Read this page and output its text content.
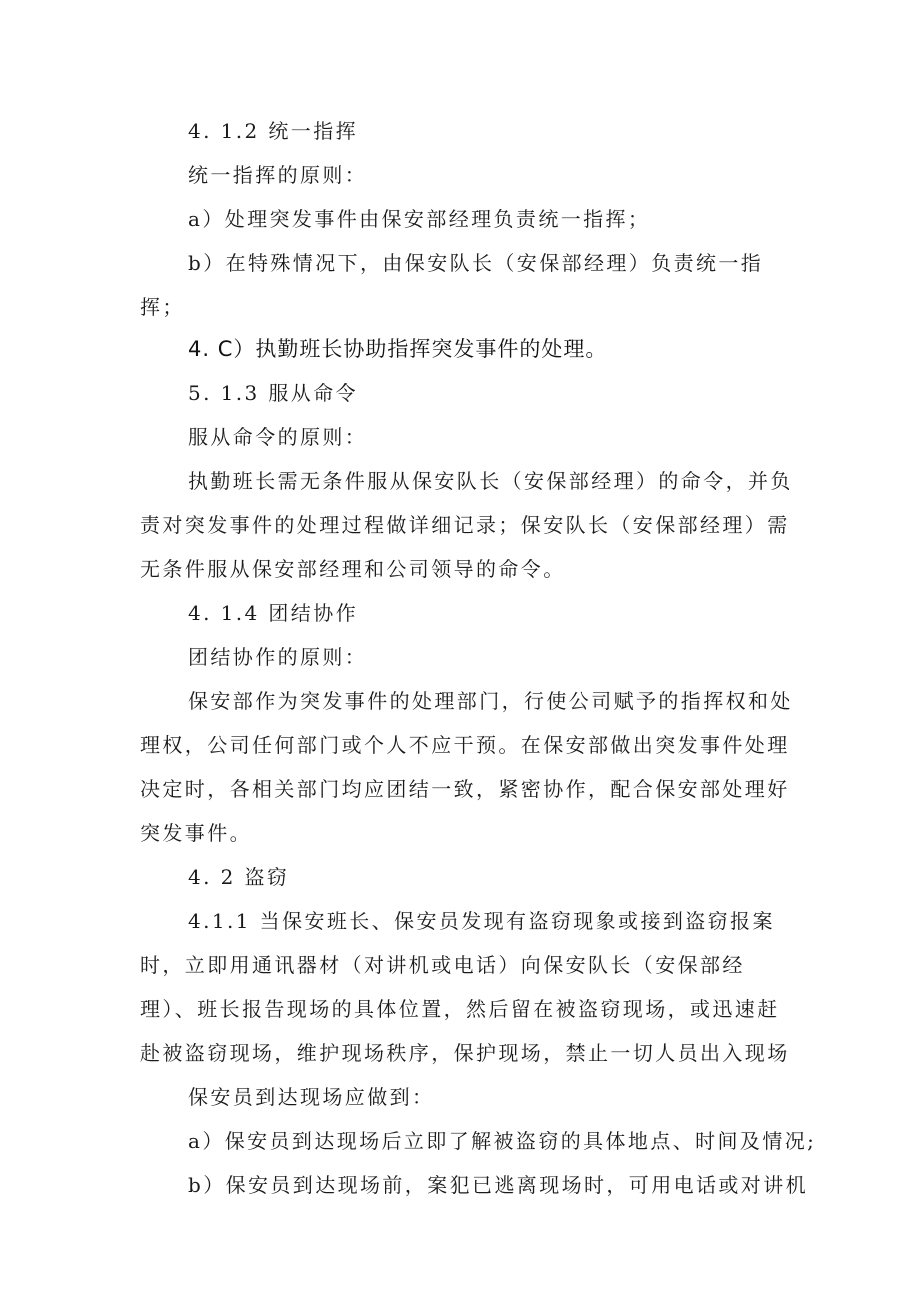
4. 1.2 统一指挥
统一指挥的原则：
a）处理突发事件由保安部经理负责统一指挥；
b）在特殊情况下，由保安队长（安保部经理）负责统一指
挥；
4. C）执勤班长协助指挥突发事件的处理。
5. 1.3 服从命令
服从命令的原则：
执勤班长需无条件服从保安队长（安保部经理）的命令，并负
责对突发事件的处理过程做详细记录；保安队长（安保部经理）需
无条件服从保安部经理和公司领导的命令。
4. 1.4 团结协作
团结协作的原则：
保安部作为突发事件的处理部门，行使公司赋予的指挥权和处
理权，公司任何部门或个人不应干预。在保安部做出突发事件处理
决定时，各相关部门均应团结一致，紧密协作，配合保安部处理好
突发事件。
4. 2 盗窃
4.1.1 当保安班长、保安员发现有盗窃现象或接到盗窃报案
时，立即用通讯器材（对讲机或电话）向保安队长（安保部经
理）、班长报告现场的具体位置，然后留在被盗窃现场，或迅速赶
赴被盗窃现场，维护现场秩序，保护现场，禁止一切人员出入现场
保安员到达现场应做到：
a）保安员到达现场后立即了解被盗窃的具体地点、时间及情况;
b）保安员到达现场前，案犯已逃离现场时，可用电话或对讲机
